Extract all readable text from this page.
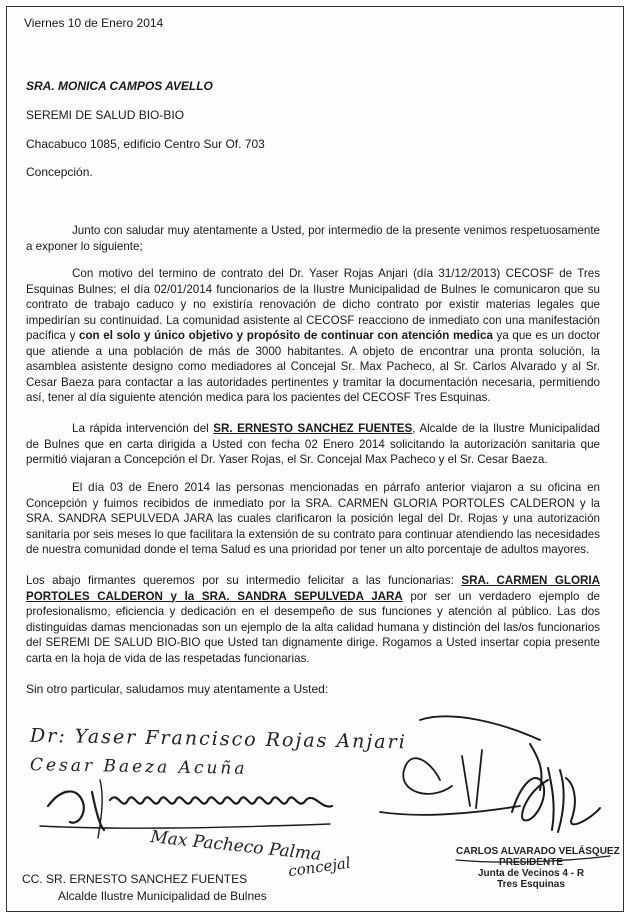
Viernes 10 de Enero 2014
SRA. MONICA CAMPOS AVELLO
SEREMI DE SALUD BIO-BIO
Chacabuco 1085, edificio Centro Sur Of. 703
Concepción.
Junto con saludar muy atentamente a Usted, por intermedio de la presente venimos respetuosamente a exponer lo siguiente;
Con motivo del termino de contrato del Dr. Yaser Rojas Anjari (día 31/12/2013) CECOSF de Tres Esquinas Bulnes; el día 02/01/2014 funcionarios de la Ilustre Municipalidad de Bulnes le comunicaron que su contrato de trabajo caduco y no existiría renovación de dicho contrato por existir materias legales que impedirían su continuidad. La comunidad asistente al CECOSF reacciono de inmediato con una manifestación pacífica y con el solo y único objetivo y propósito de continuar con atención medica ya que es un doctor que atiende a una población de más de 3000 habitantes. A objeto de encontrar una pronta solución, la asamblea asistente designo como mediadores al Concejal Sr. Max Pacheco, al Sr. Carlos Alvarado y al Sr. Cesar Baeza para contactar a las autoridades pertinentes y tramitar la documentación necesaria, permitiendo así, tener al día siguiente atención medica para los pacientes del CECOSF Tres Esquinas.
La rápida intervención del SR. ERNESTO SANCHEZ FUENTES, Alcalde de la Ilustre Municipalidad de Bulnes que en carta dirigida a Usted con fecha 02 Enero 2014 solicitando la autorización sanitaria que permitió viajaran a Concepción el Dr. Yaser Rojas, el Sr. Concejal Max Pacheco y el Sr. Cesar Baeza.
El día 03 de Enero 2014 las personas mencionadas en párrafo anterior viajaron a su oficina en Concepción y fuimos recibidos de inmediato por la SRA. CARMEN GLORIA PORTOLES CALDERON y la SRA. SANDRA SEPULVEDA JARA las cuales clarificaron la posición legal del Dr. Rojas y una autorización sanitaria por seis meses lo que facilitara la extensión de su contrato para continuar atendiendo las necesidades de nuestra comunidad donde el tema Salud es una prioridad por tener un alto porcentaje de adultos mayores.
Los abajo firmantes queremos por su intermedio felicitar a las funcionarias: SRA. CARMEN GLORIA PORTOLES CALDERON y la SRA. SANDRA SEPULVEDA JARA por ser un verdadero ejemplo de profesionalismo, eficiencia y dedicación en el desempeño de sus funciones y atención al público. Las dos distinguidas damas mencionadas son un ejemplo de la alta calidad humana y distinción del las/os funcionarios del SEREMI DE SALUD BIO-BIO que Usted tan dignamente dirige. Rogamos a Usted insertar copia presente carta en la hoja de vida de las respetadas funcionarias.
Sin otro particular, saludamos muy atentamente a Usted:
Dr: Yaser Francisco Rojas Anjari
Cesar Baeza Acuña
Max Pacheco Palma
concejal
CARLOS ALVARADO VELÁSQUEZ
PRESIDENTE
Junta de Vecinos 4 - R
Tres Esquinas
CC. SR. ERNESTO SANCHEZ FUENTES
Alcalde Ilustre Municipalidad de Bulnes
